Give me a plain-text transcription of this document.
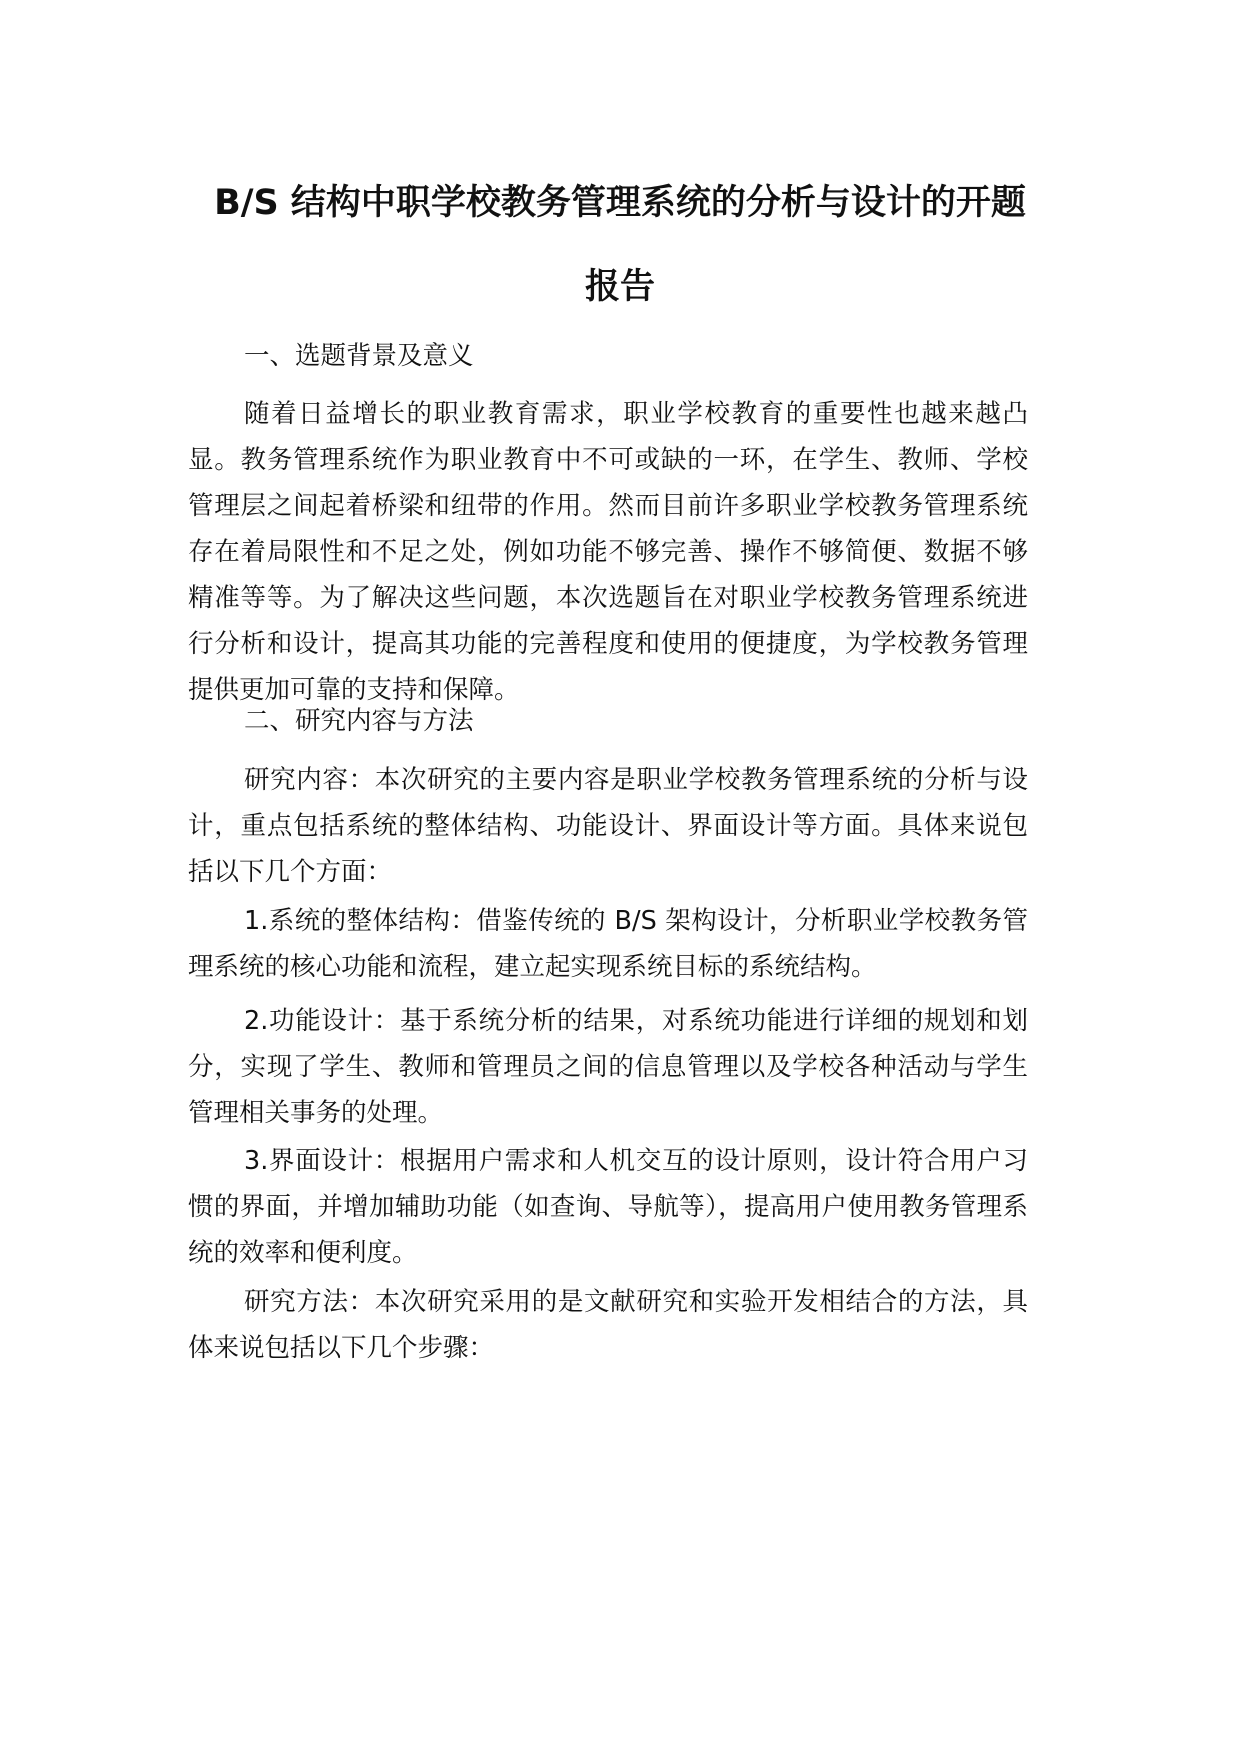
B/S 结构中职学校教务管理系统的分析与设计的开题
报告
一、选题背景及意义

随着日益增长的职业教育需求，职业学校教育的重要性也越来越凸显。教务管理系统作为职业教育中不可或缺的一环，在学生、教师、学校管理层之间起着桥梁和纽带的作用。然而目前许多职业学校教务管理系统存在着局限性和不足之处，例如功能不够完善、操作不够简便、数据不够精准等等。为了解决这些问题，本次选题旨在对职业学校教务管理系统进行分析和设计，提高其功能的完善程度和使用的便捷度，为学校教务管理提供更加可靠的支持和保障。

二、研究内容与方法

研究内容：本次研究的主要内容是职业学校教务管理系统的分析与设计，重点包括系统的整体结构、功能设计、界面设计等方面。具体来说包括以下几个方面：

1.系统的整体结构：借鉴传统的 B/S 架构设计，分析职业学校教务管理系统的核心功能和流程，建立起实现系统目标的系统结构。

2.功能设计：基于系统分析的结果，对系统功能进行详细的规划和划分，实现了学生、教师和管理员之间的信息管理以及学校各种活动与学生管理相关事务的处理。

3.界面设计：根据用户需求和人机交互的设计原则，设计符合用户习惯的界面，并增加辅助功能（如查询、导航等），提高用户使用教务管理系统的效率和便利度。

研究方法：本次研究采用的是文献研究和实验开发相结合的方法，具体来说包括以下几个步骤：
